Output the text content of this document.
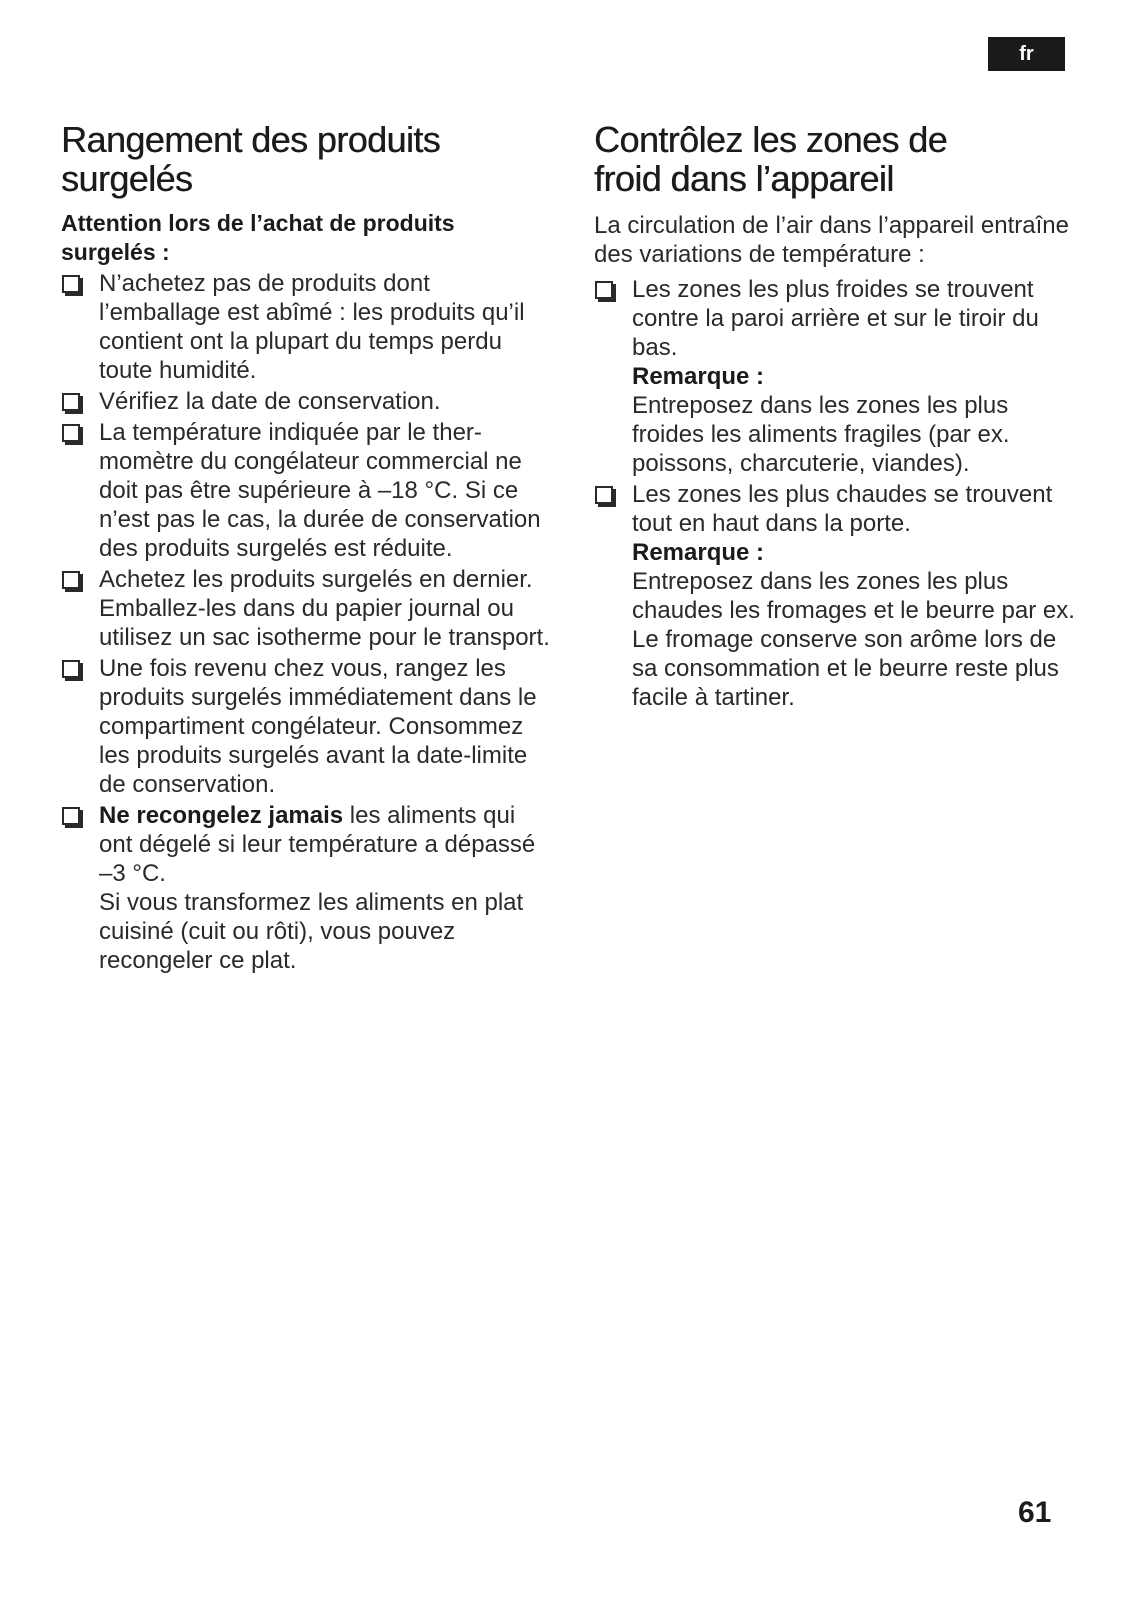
fr
Rangement des produits
surgelés

Attention lors de l’achat de produits
surgelés :

N’achetez pas de produits dont l’emballage est abîmé : les produits qu’il contient ont la plupart du temps perdu toute humidité.
Vérifiez la date de conservation.
La température indiquée par le thermomètre du congélateur commercial ne doit pas être supérieure à –18 °C. Si ce n’est pas le cas, la durée de conservation des produits surgelés est réduite.
Achetez les produits surgelés en dernier. Emballez-les dans du papier journal ou utilisez un sac isotherme pour le transport.
Une fois revenu chez vous, rangez les produits surgelés immédiatement dans le compartiment congélateur. Consommez les produits surgelés avant la date-limite de conservation.
Ne recongelez jamais les aliments qui ont dégelé si leur température a dépassé –3 °C.
Si vous transformez les aliments en plat cuisiné (cuit ou rôti), vous pouvez recongeler ce plat.
Contrôlez les zones de
froid dans l’appareil

La circulation de l’air dans l’appareil entraîne des variations de température :

Les zones les plus froides se trouvent contre la paroi arrière et sur le tiroir du bas.
Remarque :
Entreposez dans les zones les plus froides les aliments fragiles (par ex. poissons, charcuterie, viandes).
Les zones les plus chaudes se trouvent tout en haut dans la porte.
Remarque :
Entreposez dans les zones les plus chaudes les fromages et le beurre par ex. Le fromage conserve son arôme lors de sa consommation et le beurre reste plus facile à tartiner.
61
